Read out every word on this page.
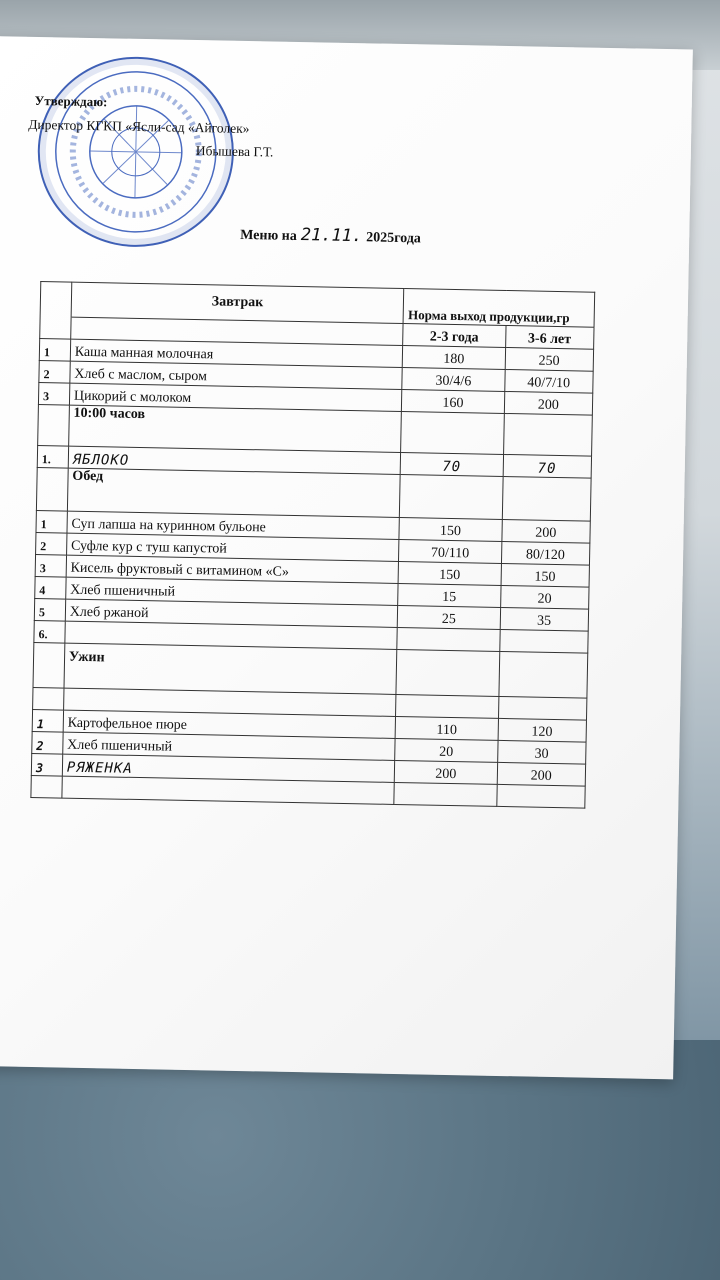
Утверждаю:
Директор КГКП «Ясли-сад «Айголек»
Ибышева Г.Т.
Меню на 21.11. 2025года
	Завтрак	Норма выход продукции,гр	
		2-3 года	3-6 лет
1	Каша манная молочная	180	250
2	Хлеб с маслом, сыром	30/4/6	40/7/10
3	Цикорий с молоком	160	200
	10:00 часов		
1.	ЯБЛОКО	70	70
	Обед		
1	Суп лапша на куринном бульоне	150	200
2	Суфле кур с туш капустой	70/110	80/120
3	Кисель фруктовый с витамином «С»	150	150
4	Хлеб пшеничный	15	20
5	Хлеб ржаной	25	35
6.			
	Ужин		

1	Картофельное пюре	110	120
2	Хлеб пшеничный	20	30
3	РЯЖЕНКА	200	200
